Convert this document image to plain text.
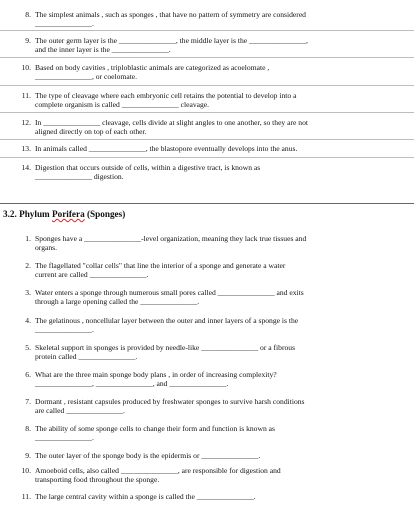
8. The simplest animals , such as sponges , that have no pattern of symmetry are considered
_______________.
9. The outer germ layer is the _______________, the middle layer is the _______________,
and the inner layer is the _______________.
10. Based on body cavities , triploblastic animals are categorized as acoelomate ,
_______________, or coelomate.
11. The type of cleavage where each embryonic cell retains the potential to develop into a
complete organism is called _______________ cleavage.
12. In _______________ cleavage, cells divide at slight angles to one another, so they are not
aligned directly on top of each other.
13. In animals called _______________, the blastopore eventually develops into the anus.
14. Digestion that occurs outside of cells, within a digestive tract, is known as
_______________ digestion.
3.2. Phylum Porifera (Sponges)
1. Sponges have a _______________-level organization, meaning they lack true tissues and
organs.
2. The flagellated "collar cells" that line the interior of a sponge and generate a water
current are called _______________.
3. Water enters a sponge through numerous small pores called _______________ and exits
through a large opening called the _______________.
4. The gelatinous , noncellular layer between the outer and inner layers of a sponge is the
_______________.
5. Skeletal support in sponges is provided by needle-like _______________ or a fibrous
protein called _______________.
6. What are the three main sponge body plans , in order of increasing complexity?
_______________, _______________, and _______________.
7. Dormant , resistant capsules produced by freshwater sponges to survive harsh conditions
are called _______________.
8. The ability of some sponge cells to change their form and function is known as
_______________.
9. The outer layer of the sponge body is the epidermis or _______________.
10. Amoeboid cells, also called _______________, are responsible for digestion and
transporting food throughout the sponge.
11. The large central cavity within a sponge is called the _______________.
